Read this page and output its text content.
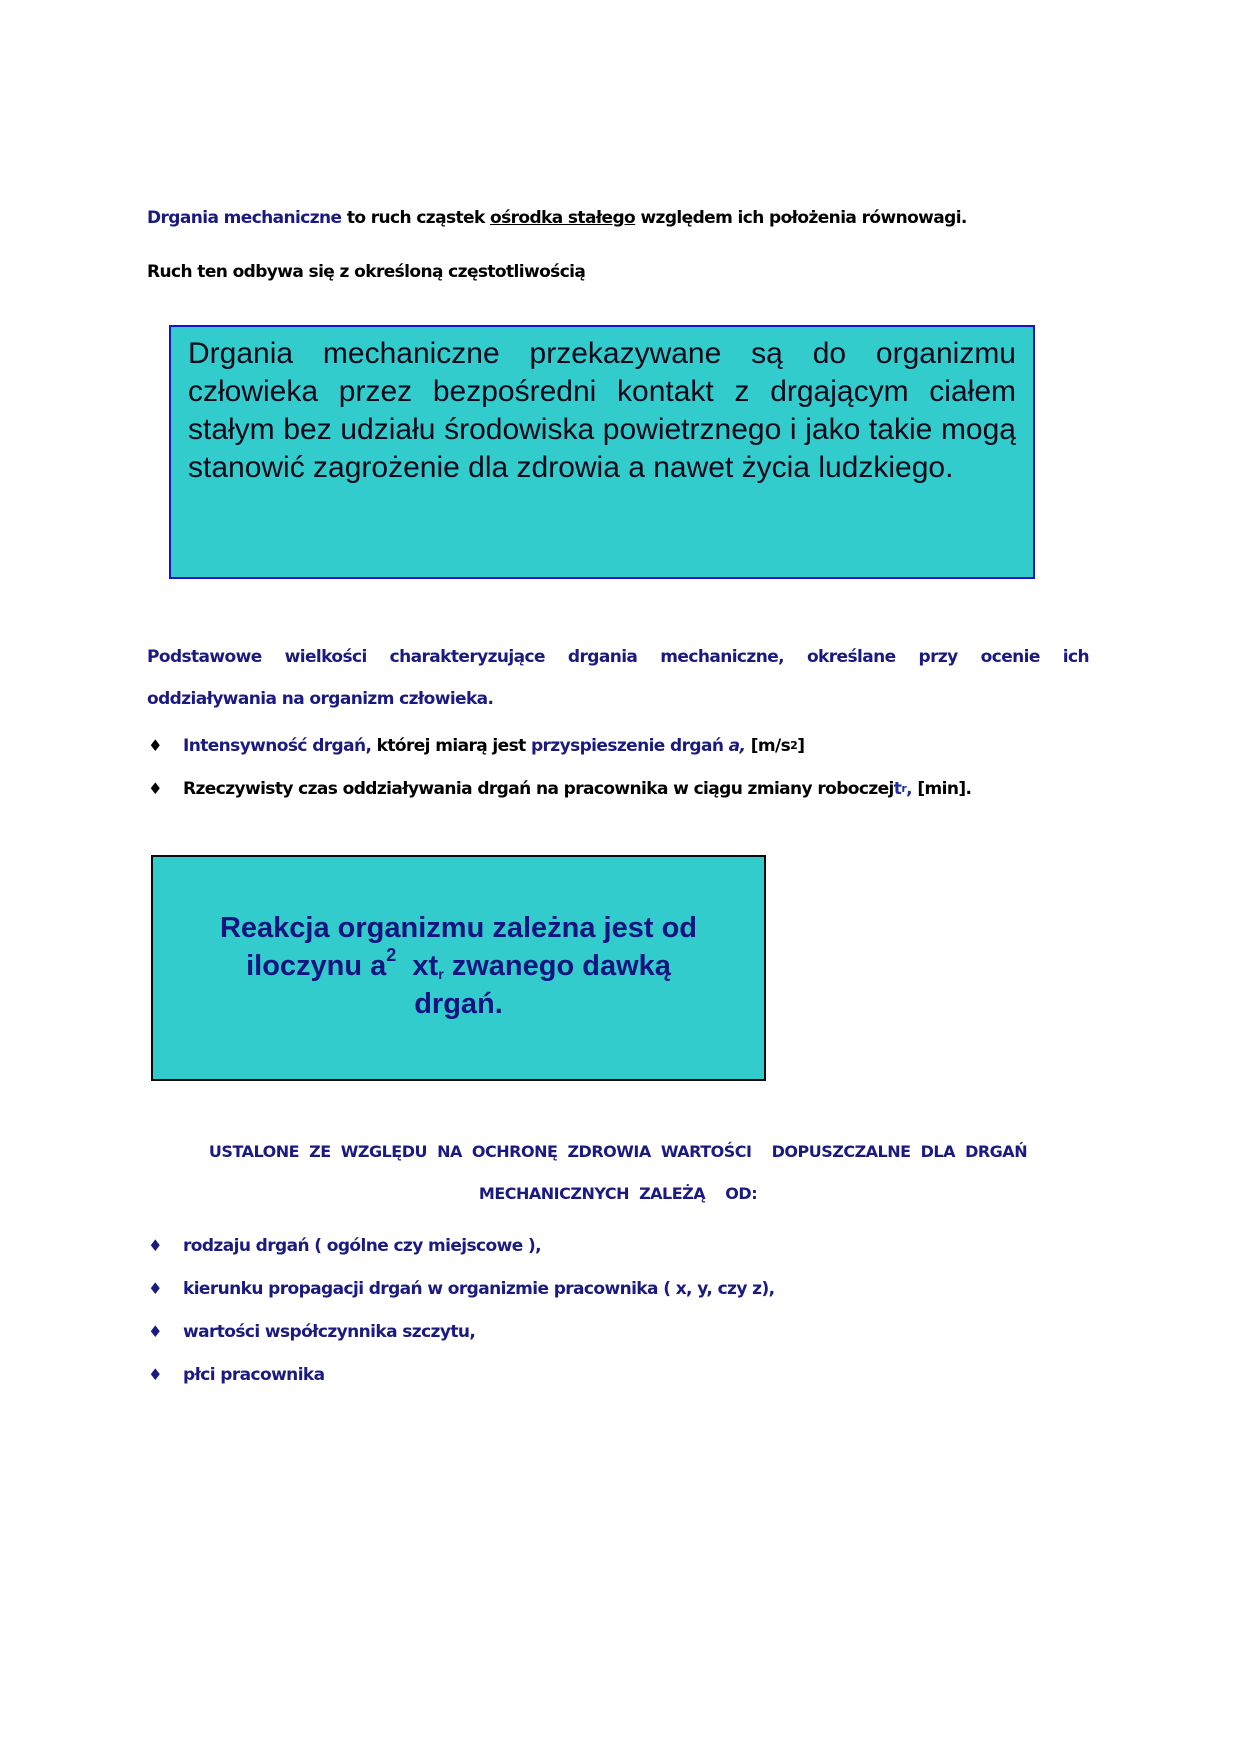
Drgania mechaniczne to ruch cząstek ośrodka stałego względem ich położenia równowagi.
Ruch ten odbywa się z określoną częstotliwością
Drgania mechaniczne przekazywane są do organizmu człowieka przez bezpośredni kontakt z drgającym ciałem stałym bez udziału środowiska powietrznego i jako takie mogą stanowić zagrożenie dla zdrowia a nawet życia ludzkiego.
Podstawowe wielkości charakteryzujące drgania mechaniczne, określane przy ocenie ich
oddziaływania na organizm człowieka.
♦ Intensywność drgań, której miarą jest przyspieszenie drgań a, [m/s 2 ]
♦ Rzeczywisty czas oddziaływania drgań na pracownika w ciągu zmiany roboczej t r , [min].
Reakcja organizmu zależna jest od
iloczynu $a^2$  $xt_r$ zwanego dawką
drgań.
USTALONE ZE WZGLĘDU NA OCHRONĘ ZDROWIA WARTOŚCI  DOPUSZCZALNE DLA DRGAŃ
MECHANICZNYCH ZALEŻĄ  OD:
♦ rodzaju drgań ( ogólne czy miejscowe ),
♦ kierunku propagacji drgań w organizmie pracownika ( x, y, czy z),
♦ wartości współczynnika szczytu,
♦ płci pracownika
